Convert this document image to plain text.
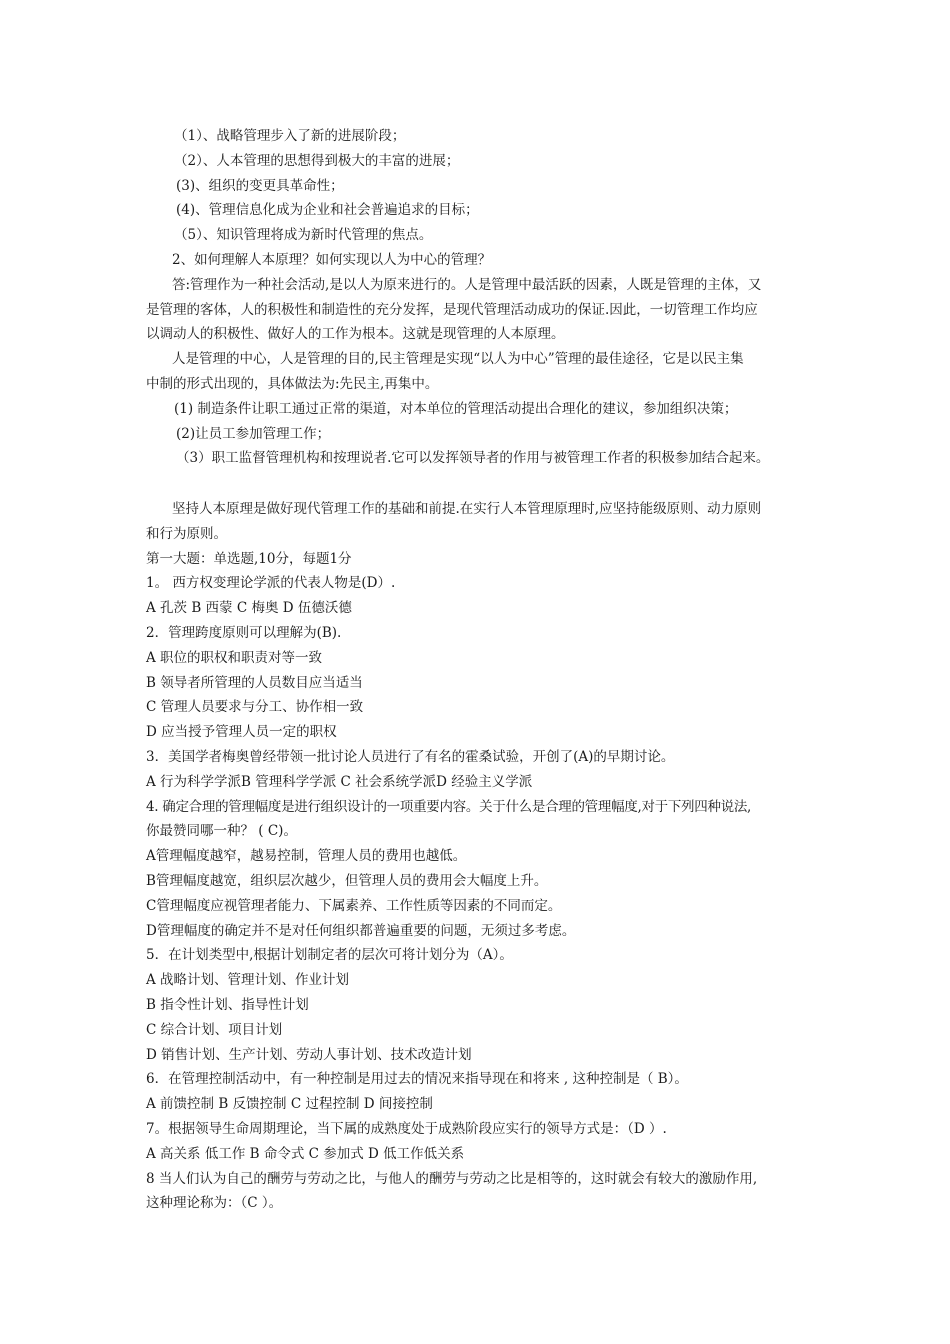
（1）、战略管理步入了新的进展阶段；
（2）、人本管理的思想得到极大的丰富的进展；
(3)、组织的变更具革命性；
(4)、管理信息化成为企业和社会普遍追求的目标；
（5）、知识管理将成为新时代管理的焦点。
2、如何理解人本原理？如何实现以人为中心的管理？
答:管理作为一种社会活动,是以人为原来进行的。人是管理中最活跃的因素，人既是管理的主体，又
是管理的客体，人的积极性和制造性的充分发挥，是现代管理活动成功的保证.因此，一切管理工作均应
以调动人的积极性、做好人的工作为根本。这就是现管理的人本原理。
人是管理的中心，人是管理的目的,民主管理是实现“以人为中心”管理的最佳途径，它是以民主集
中制的形式出现的，具体做法为:先民主,再集中。
(1) 制造条件让职工通过正常的渠道，对本单位的管理活动提出合理化的建议，参加组织决策；
(2)让员工参加管理工作；
（3）职工监督管理机构和按理说者.它可以发挥领导者的作用与被管理工作者的积极参加结合起来。
坚持人本原理是做好现代管理工作的基础和前提.在实行人本管理原理时,应坚持能级原则、动力原则
和行为原则。
第一大题：单选题,10分，每题1分
1。 西方权变理论学派的代表人物是(D）.
A 孔茨 B 西蒙 C 梅奥 D 伍德沃德
2．管理跨度原则可以理解为(B).
A 职位的职权和职责对等一致
B 领导者所管理的人员数目应当适当
C 管理人员要求与分工、协作相一致
D 应当授予管理人员一定的职权
3．美国学者梅奥曾经带领一批讨论人员进行了有名的霍桑试验，开创了(A)的早期讨论。
A 行为科学学派B 管理科学学派 C 社会系统学派D 经验主义学派
4. 确定合理的管理幅度是进行组织设计的一项重要内容。关于什么是合理的管理幅度,对于下列四种说法,
你最赞同哪一种？ ( C)。
A管理幅度越窄，越易控制，管理人员的费用也越低。
B管理幅度越宽，组织层次越少，但管理人员的费用会大幅度上升。
C管理幅度应视管理者能力、下属素养、工作性质等因素的不同而定。
D管理幅度的确定并不是对任何组织都普遍重要的问题，无须过多考虑。
5．在计划类型中,根据计划制定者的层次可将计划分为（A）。
A 战略计划、管理计划、作业计划
B 指令性计划、指导性计划
C 综合计划、项目计划
D 销售计划、生产计划、劳动人事计划、技术改造计划
6．在管理控制活动中，有一种控制是用过去的情况来指导现在和将来 , 这种控制是（ B）。
A 前馈控制 B 反馈控制 C 过程控制 D 间接控制
7。根据领导生命周期理论，当下属的成熟度处于成熟阶段应实行的领导方式是：（D ）.
A 高关系 低工作 B 命令式 C 参加式 D 低工作低关系
8 当人们认为自己的酬劳与劳动之比，与他人的酬劳与劳动之比是相等的，这时就会有较大的激励作用,
这种理论称为：（C ）。
